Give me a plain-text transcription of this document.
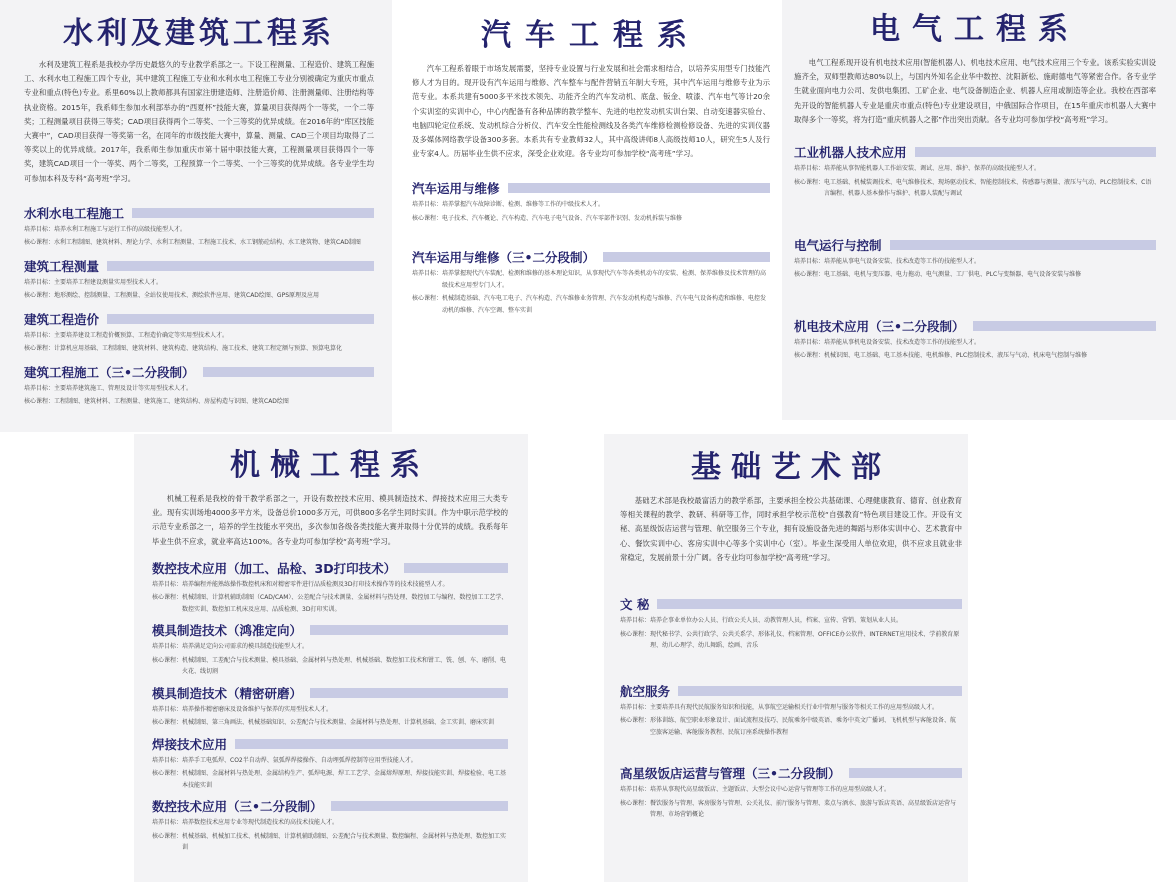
水利及建筑工程系

水利及建筑工程系是我校办学历史最悠久的专业教学系部之一。下设工程测量、工程造价、建筑工程施工、水利水电工程施工四个专业，其中建筑工程施工专业和水利水电工程施工专业分别被确定为重庆市重点专业和重点(特色)专业。系里60%以上教师都具有国家注册建造师、注册造价师、注册测量师、注册结构等执业资格。2015年，我系师生参加水利部举办的“西夏杯”技能大赛，算量项目获得两个一等奖，一个二等奖；工程测量项目获得三等奖；CAD项目获得两个二等奖、一个三等奖的优异成绩。在2016年的“库区技能大赛中”，CAD项目获得一等奖第一名，在同年的市级技能大赛中，算量、测量、CAD三个项目均取得了二等奖以上的优异成绩。2017年，我系师生参加重庆市第十届中职技能大赛，工程测量项目获得四个一等奖，建筑CAD项目一个一等奖、两个二等奖，工程预算一个二等奖、一个三等奖的优异成绩。各专业学生均可参加本科及专科“高考班”学习。

水利水电工程施工
培养目标： 培养水利工程施工与运行工作的高级技能型人才。
核心课程： 水利工程制图、建筑材料、理论力学、水利工程测量、工程施工技术、水工钢筋砼结构、水工建筑物、建筑CAD制图
建筑工程测量
培养目标： 主要培养工程建设测量实用型技术人才。
核心课程： 地形测绘、控制测量、工程测量、全站仪使用技术、测绘软件应用、建筑CAD绘图、GPS原理及应用
建筑工程造价
培养目标： 主要培养建设工程造价概预算、工程造价确定等实用型技术人才。
核心课程： 计算机应用基础、工程制图、建筑材料、建筑构造、建筑结构、施工技术、建筑工程定额与预算、预算电算化
建筑工程施工（三•二分段制）
培养目标： 主要培养建筑施工、管理及设计等实用型技术人才。
核心课程： 工程制图、建筑材料、工程测量、建筑施工、建筑结构、房屋构造与识图、建筑CAD绘图
汽车工程系

汽车工程系着眼于市场发展需要，坚持专业设置与行业发展和社会需求相结合，以培养实用型专门技能汽修人才为目的。现开设有汽车运用与维修、汽车整车与配件营销五年制大专班，其中汽车运用与维修专业为示范专业。本系共建有5000多平米技术领先、功能齐全的汽车发动机、底盘、钣金、喷漆、汽车电气等计20余个实训室的实训中心，中心内配备有各种品牌的教学整车、先进的电控发动机实训台架、自动变速器实验台、电脑四轮定位系统、发动机综合分析仪、汽车安全性能检测线及各类汽车维修检测检修设备、先进的实训仪器及多媒体网络教学设备300多套。本系共有专业教师32人，其中高级讲师8人高级技师10人，研究生5人及行业专家4人。历届毕业生供不应求，深受企业欢迎。各专业均可参加学校“高考班”学习。

汽车运用与维修
培养目标： 培养掌握汽车故障诊断、检测、维修等工作的中级技术人才。
核心课程： 电子技术、汽车概论、汽车构造、汽车电子电气设备、汽车零部件识别、发动机拆装与维修
汽车运用与维修（三•二分段制）
培养目标： 培养掌握现代汽车装配、检测和维修的基本理论知识，从事现代汽车等各类机动车的安装、检测、保养维修及技术管理的高级技术应用型专门人才。
核心课程： 机械制造基础、汽车电工电子、汽车构造、汽车维修业务管理、汽车发动机构造与维修、汽车电气设备构造和维修、电控发动机的维修、汽车空调、整车实训
电气工程系

电气工程系现开设有机电技术应用(智能机器人)、机电技术应用、电气技术应用三个专业。该系实验实训设施齐全，双师型教师达80%以上，与国内外知名企业华中数控、沈阳新松、施耐德电气等紧密合作。各专业学生就业面向电力公司、发供电集团、工矿企业、电气设备制造企业、机器人应用或制造等企业。我校在西部率先开设的智能机器人专业是重庆市重点(特色)专业建设项目，中俄国际合作项目，在15年重庆市机器人大赛中取得多个一等奖，将为打造“重庆机器人之都”作出突出贡献。各专业均可参加学校“高考班”学习。

工业机器人技术应用
培养目标： 培养能从事智能机器人工作站安装、调试、应用、维护、保养的高级技能型人才。
核心课程： 电工基础、机械装调技术、电气维修技术、现场驱动技术、智能控制技术、传感器与测量、液压与气动、PLC控制技术、C语言编程、机器人基本操作与维护、机器人装配与调试
电气运行与控制
培养目标： 培养能从事电气设备安装、技术改造等工作的技能型人才。
核心课程： 电工基础、电机与变压器、电力拖动、电气测量、工厂供电、PLC与变频器、电气设备安装与维修
机电技术应用（三•二分段制）
培养目标： 培养能从事机电设备安装、技术改造等工作的技能型人才。
核心课程： 机械识图、电工基础、电工基本技能、电机维修、PLC控制技术、液压与气动、机床电气控制与维修
机械工程系

机械工程系是我校的骨干教学系部之一，开设有数控技术应用、模具制造技术、焊接技术应用三大类专业。现有实训场地4000多平方米，设备总价1000多万元，可供800多名学生同时实训。作为中职示范学校的示范专业系部之一，培养的学生技能水平突出，多次参加各级各类技能大赛并取得十分优异的成绩。我系每年毕业生供不应求，就业率高达100%。各专业均可参加学校“高考班”学习。

数控技术应用（加工、品检、3D打印技术）
培养目标： 培养编程并能熟练操作数控机床和对精密零件进行品质检测及3D打印技术操作等的技术技能型人才。
核心课程： 机械制图、计算机辅助制图（CAD/CAM）、公差配合与技术测量、金属材料与热处理、数控加工与编程、数控加工工艺学、数控实训、数控加工机床及应用、品质检测、3D打印实训。
模具制造技术（鸿准定向）
培养目标： 培养满足定向公司需求的模具制造技能型人才。
核心课程： 机械制图、工差配合与技术测量、模具基础、金属材料与热处理、机械基础、数控加工技术和钳工、铣、刨、车、磨削、电火花、线切割
模具制造技术（精密研磨）
培养目标： 培养操作精密磨床及设备维护与保养的实用型技术人才。
核心课程： 机械制图、第三角画法、机械基础知识、公差配合与技术测量、金属材料与热处理、计算机基础、金工实训、磨床实训
焊接技术应用
培养目标： 培养手工电弧焊、CO2半自动焊、氩弧焊焊接操作、自动埋弧焊控制等应用型技能人才。
核心课程： 机械制图、金属材料与热处理、金属结构生产、弧焊电源、焊工工艺学、金属熔焊原理、焊接技能实训、焊接检验、电工基本技能实训
数控技术应用（三•二分段制）
培养目标： 培养数控技术应用专业等现代制造技术的高技术技能人才。
核心课程： 机械基础、机械加工技术、机械制图、计算机辅助制图、公差配合与技术测量、数控编程、金属材料与热处理、数控加工实训
基础艺术部

基础艺术部是我校最富活力的教学系部，主要承担全校公共基础课、心理健康教育、德育、创业教育等相关课程的教学、教研、科研等工作，同时承担学校示范校“自强教育”特色项目建设工作。开设有文秘、高星级饭店运营与管理、航空服务三个专业，拥有设施设备先进的舞蹈与形体实训中心、艺术教育中心、餐饮实训中心、客房实训中心等多个实训中心（室）。毕业生深受用人单位欢迎，供不应求且就业非常稳定，发展前景十分广阔。各专业均可参加学校“高考班”学习。

文 秘
培养目标： 培养企事业单位办公人员、行政公关人员、动教管理人员，档案、宣传、营销、策划从业人员。
核心课程： 现代秘书学、公共行政学、公共关系学、形体礼仪、档案管理、OFFICE办公软件、INTERNET应用技术、学前教育原理、幼儿心理学、幼儿舞蹈、绘画、音乐
航空服务
培养目标： 主要培养具有现代民航服务知识和技能，从事航空运输相关行业中管理与服务等相关工作的应用型高级人才。
核心课程： 形体训练、航空职业形象设计、面试流程及技巧、民航乘务中级英语、乘务中英文广播词、飞机机型与客舱设备、航空旅客运输、客舱服务教程、民航订座系统操作教程
高星级饭店运营与管理（三•二分段制）
培养目标： 培养从事现代高星级饭店、主题饭店、大型会议中心运营与管理等工作的应用型高级人才。
核心课程： 餐饮服务与管理、客房服务与管理、公关礼仪、前厅服务与管理、菜点与酒水、旅游与饭店英语、高星级饭店运营与管理、市场营销概论
